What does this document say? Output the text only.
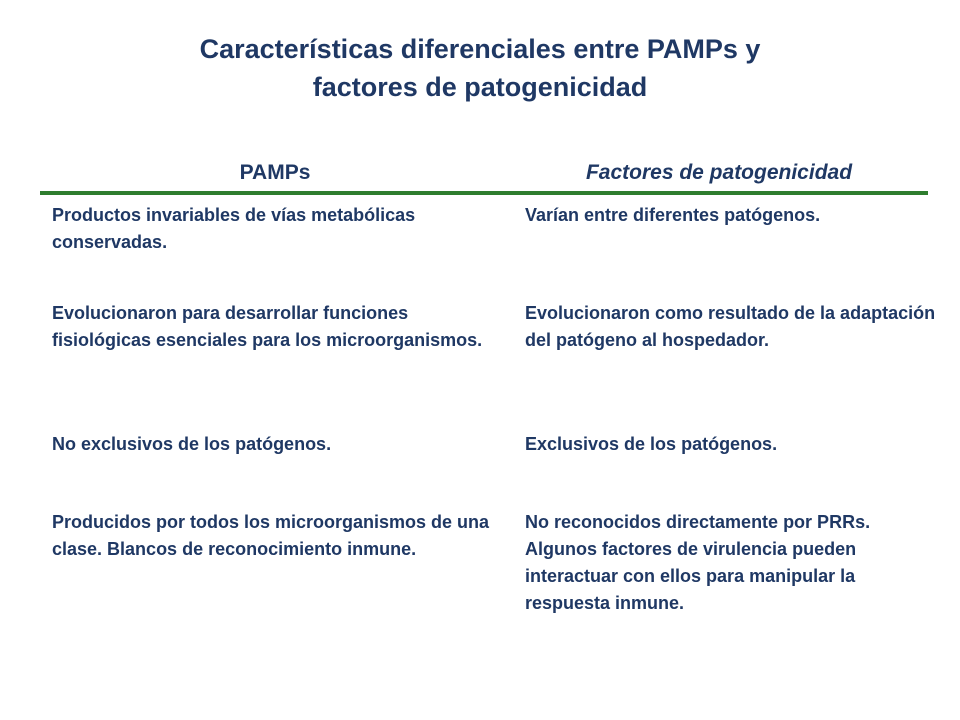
Características diferenciales entre PAMPs y
factores de patogenicidad
PAMPs	Factores de patogenicidad
Productos invariables de vías metabólicas conservadas.
Varían entre diferentes patógenos.
Evolucionaron para desarrollar funciones fisiológicas esenciales para los microorganismos.
Evolucionaron como resultado de la adaptación del patógeno al hospedador.
No exclusivos de los patógenos.	Exclusivos de los patógenos.
Producidos por todos los microorganismos de una clase. Blancos de reconocimiento inmune.
No reconocidos directamente por PRRs. Algunos factores de virulencia pueden interactuar con ellos para manipular la respuesta inmune.
